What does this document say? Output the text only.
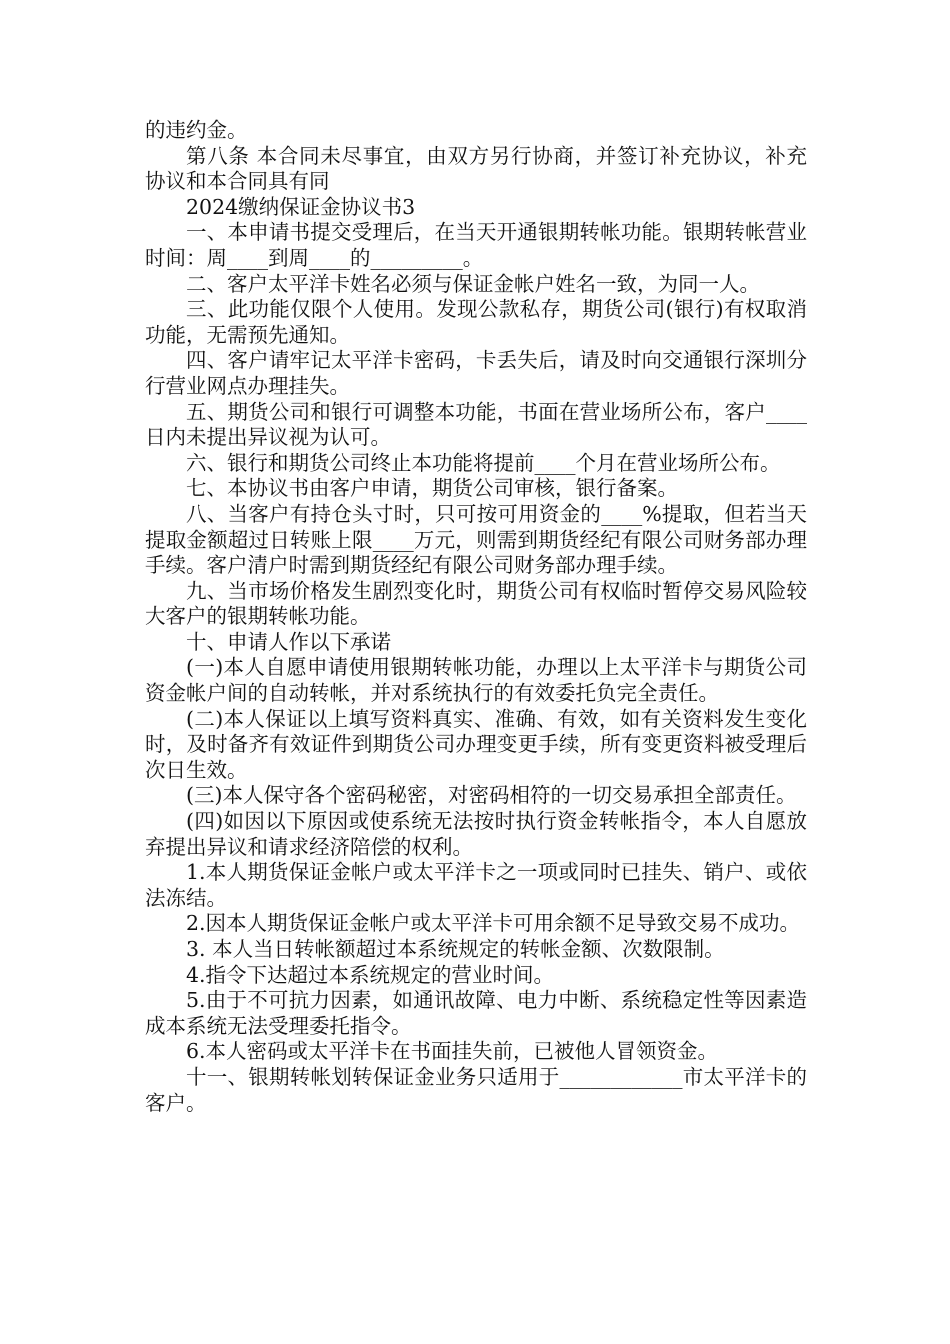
的违约金。

第八条 本合同未尽事宜，由双方另行协商，并签订补充协议，补充协议和本合同具有同

2024缴纳保证金协议书3

一、本申请书提交受理后，在当天开通银期转帐功能。银期转帐营业时间：周____到周____的_________。

二、客户太平洋卡姓名必须与保证金帐户姓名一致，为同一人。

三、此功能仅限个人使用。发现公款私存，期货公司(银行)有权取消功能，无需预先通知。

四、客户请牢记太平洋卡密码，卡丢失后，请及时向交通银行深圳分行营业网点办理挂失。

五、期货公司和银行可调整本功能，书面在营业场所公布，客户____日内未提出异议视为认可。

六、银行和期货公司终止本功能将提前____个月在营业场所公布。

七、本协议书由客户申请，期货公司审核，银行备案。

八、当客户有持仓头寸时，只可按可用资金的____%提取，但若当天提取金额超过日转账上限____万元，则需到期货经纪有限公司财务部办理手续。客户清户时需到期货经纪有限公司财务部办理手续。

九、当市场价格发生剧烈变化时，期货公司有权临时暂停交易风险较大客户的银期转帐功能。

十、申请人作以下承诺

(一)本人自愿申请使用银期转帐功能，办理以上太平洋卡与期货公司资金帐户间的自动转帐，并对系统执行的有效委托负完全责任。

(二)本人保证以上填写资料真实、准确、有效，如有关资料发生变化时，及时备齐有效证件到期货公司办理变更手续，所有变更资料被受理后次日生效。

(三)本人保守各个密码秘密，对密码相符的一切交易承担全部责任。

(四)如因以下原因或使系统无法按时执行资金转帐指令，本人自愿放弃提出异议和请求经济陪偿的权利。

1.本人期货保证金帐户或太平洋卡之一项或同时已挂失、销户、或依法冻结。

2.因本人期货保证金帐户或太平洋卡可用余额不足导致交易不成功。

3. 本人当日转帐额超过本系统规定的转帐金额、次数限制。

4.指令下达超过本系统规定的营业时间。

5.由于不可抗力因素，如通讯故障、电力中断、系统稳定性等因素造成本系统无法受理委托指令。

6.本人密码或太平洋卡在书面挂失前，已被他人冒领资金。

十一、银期转帐划转保证金业务只适用于____________市太平洋卡的客户。
